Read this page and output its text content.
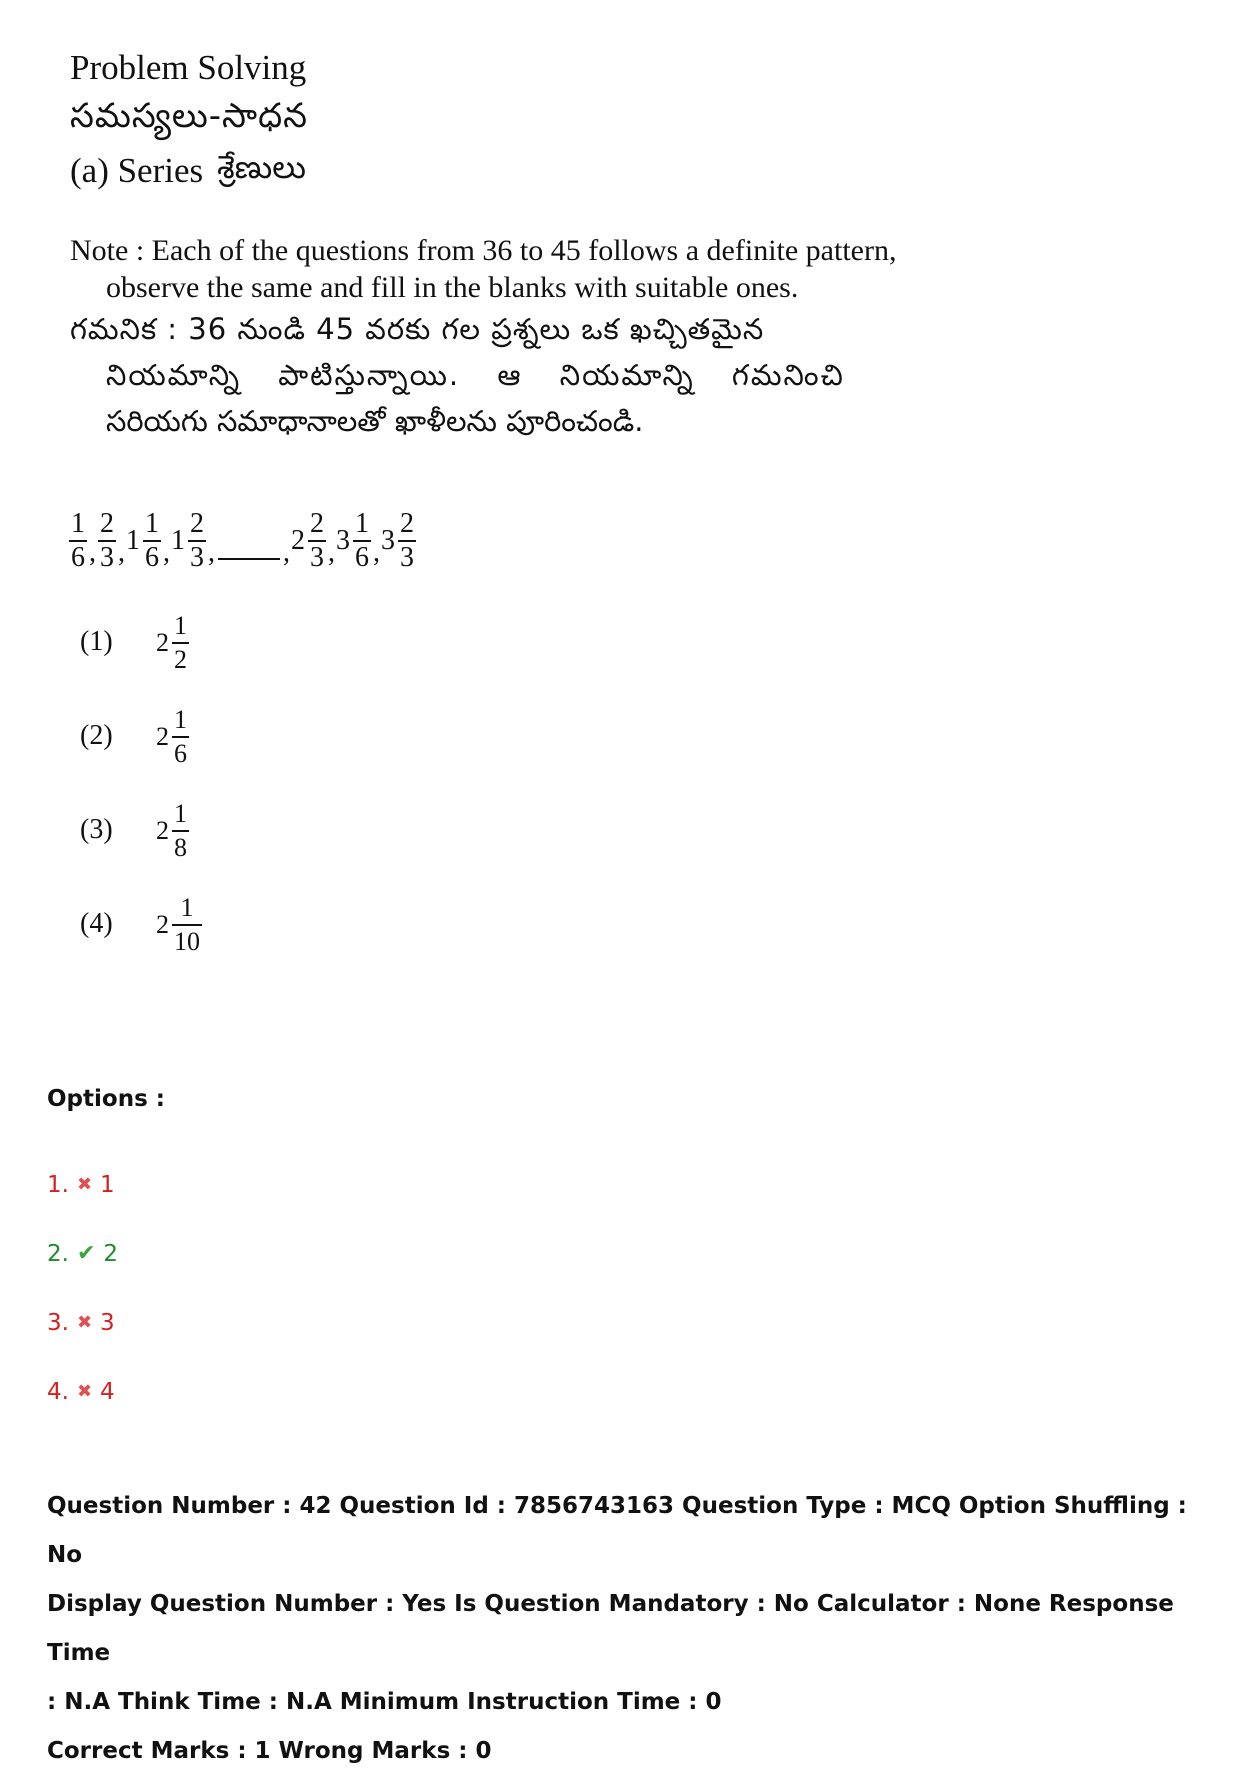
Problem Solving
సమస్యలు-సాధన
(a) Series శ్రేణులు
Note : Each of the questions from 36 to 45 follows a definite pattern,
observe the same and fill in the blanks with suitable ones.
గమనిక : 36 నుండి 45 వరకు గల ప్రశ్నలు ఒక ఖచ్చితమైన
నియమాన్ని పాటిస్తున్నాయి. ఆ నియమాన్ని గమనించి
సరియగు సమాధానాలతో ఖాళీలను పూరించండి.
$\frac{1}{6}$ , $\frac{2}{3}$ , $1 \frac{1}{6}$ , $1 \frac{2}{3}$ , , $2 \frac{2}{3}$ , $3 \frac{1}{6}$ , $3 \frac{2}{3}$
(1)	$2 \frac{1}{2}$
(2)	$2 \frac{1}{6}$
(3)	$2 \frac{1}{8}$
(4)	$2 \frac{1}{10}$
Options :
1. ✖ 1
2. ✔ 2
3. ✖ 3
4. ✖ 4
Question Number : 42 Question Id : 7856743163 Question Type : MCQ Option Shuffling : No
Display Question Number : Yes Is Question Mandatory : No Calculator : None Response Time
: N.A Think Time : N.A Minimum Instruction Time : 0
Correct Marks : 1 Wrong Marks : 0
